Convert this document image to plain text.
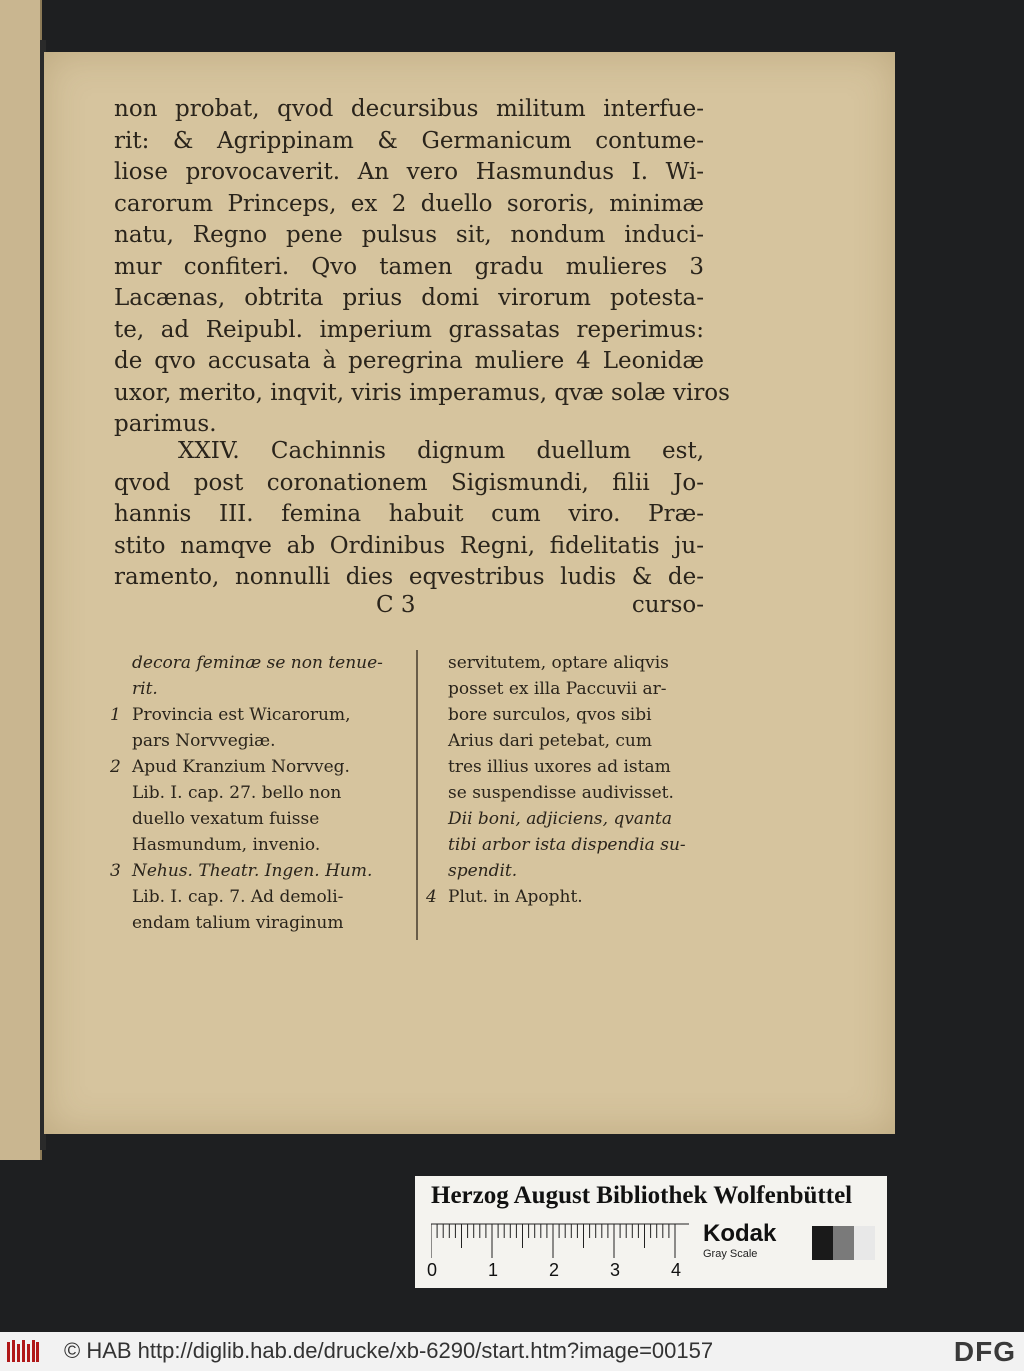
non probat, qvod decursibus militum interfue-
rit: & Agrippinam & Germanicum contume-
liose provocaverit. An vero Hasmundus I. Wi-
carorum Princeps, ex 2 duello sororis, minimæ
natu, Regno pene pulsus sit, nondum induci-
mur confiteri. Qvo tamen gradu mulieres 3
Lacænas, obtrita prius domi virorum potesta-
te, ad Reipubl. imperium grassatas reperimus:
de qvo accusata à peregrina muliere 4 Leonidæ
uxor, merito, inqvit, viris imperamus, qvæ solæ viros
parimus.
XXIV. Cachinnis dignum duellum est,
qvod post coronationem Sigismundi, filii Jo-
hannis III. femina habuit cum viro. Præ-
stito namqve ab Ordinibus Regni, fidelitatis ju-
ramento, nonnulli dies eqvestribus ludis & de-
C 3	curso-
decora feminæ se non tenue-
rit.
1 Provincia est Wicarorum,
pars Norvvegiæ.
2 Apud Kranzium Norvveg.
Lib. I. cap. 27. bello non
duello vexatum fuisse
Hasmundum, invenio.
3 Nehus. Theatr. Ingen. Hum.
Lib. I. cap. 7. Ad demoli-
endam talium viraginum
servitutem, optare aliqvis
posset ex illa Paccuvii ar-
bore surculos, qvos sibi
Arius dari petebat, cum
tres illius uxores ad istam
se suspendisse audivisset.
Dii boni, adjiciens, qvanta
tibi arbor ista dispendia su-
spendit.
4 Plut. in Apopht.
Herzog August Bibliothek Wolfenbüttel
0	1	2	3	4
Kodak
Gray Scale
© HAB http://diglib.hab.de/drucke/xb-6290/start.htm?image=00157	DFG
